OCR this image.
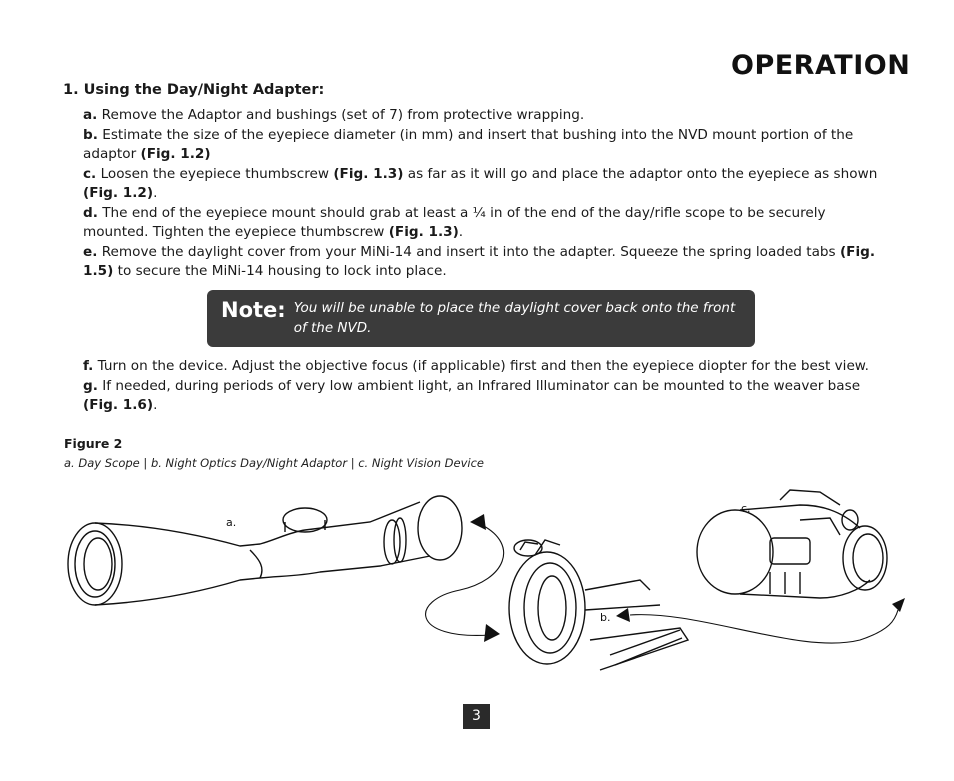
OPERATION
1. Using the Day/Night Adapter:

a. Remove the Adaptor and bushings (set of 7) from protective wrapping.

b. Estimate the size of the eyepiece diameter (in mm) and insert that bushing into the NVD mount portion of the adaptor (Fig. 1.2)

c. Loosen the eyepiece thumbscrew (Fig. 1.3) as far as it will go and place the adaptor onto the eyepiece as shown (Fig. 1.2).

d. The end of the eyepiece mount should grab at least a ¼ in of the end of the day/rifle scope to be securely mounted. Tighten the eyepiece thumbscrew (Fig. 1.3).

e. Remove the daylight cover from your MiNi-14 and insert it into the adapter. Squeeze the spring loaded tabs (Fig. 1.5) to secure the MiNi-14 housing to lock into place.

Note: You will be unable to place the daylight cover back onto the front of the NVD.

f. Turn on the device. Adjust the objective focus (if applicable) first and then the eyepiece diopter for the best view.

g. If needed, during periods of very low ambient light, an Infrared Illuminator can be mounted to the weaver base (Fig. 1.6).

Figure 2
a. Day Scope | b. Night Optics Day/Night Adaptor | c. Night Vision Device
a.
b.
c.
3
